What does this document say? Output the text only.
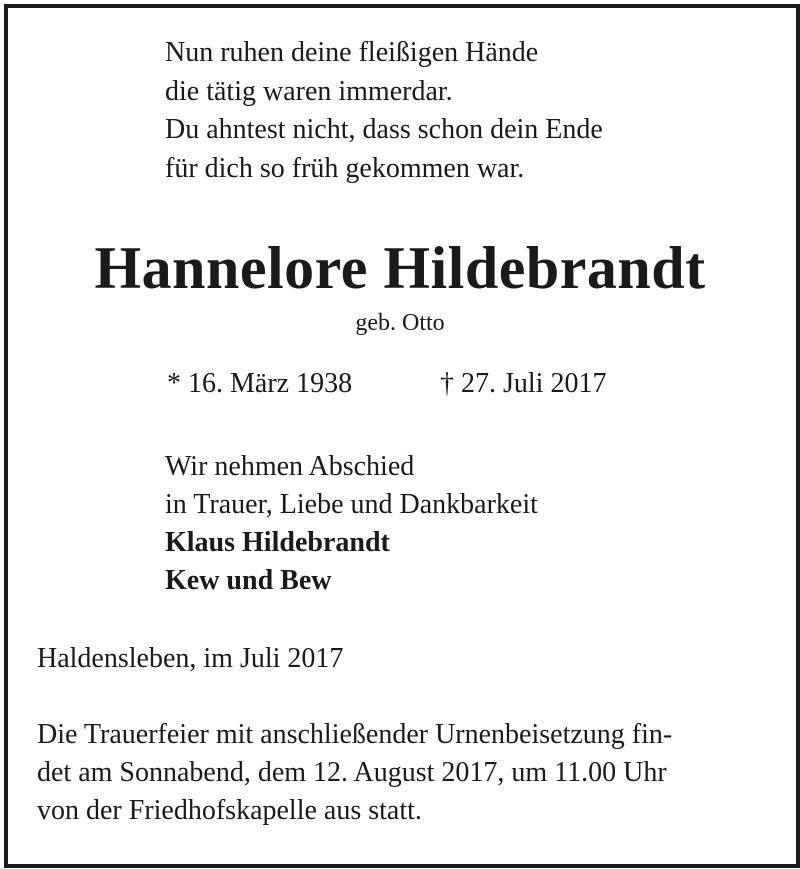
Nun ruhen deine fleißigen Hände
die tätig waren immerdar.
Du ahntest nicht, dass schon dein Ende
für dich so früh gekommen war.
Hannelore Hildebrandt
geb. Otto
* 16. März 1938	† 27. Juli 2017
Wir nehmen Abschied
in Trauer, Liebe und Dankbarkeit
Klaus Hildebrandt
Kew und Bew
Haldensleben, im Juli 2017
Die Trauerfeier mit anschließender Urnenbeisetzung fin-
det am Sonnabend, dem 12. August 2017, um 11.00 Uhr
von der Friedhofskapelle aus statt.
